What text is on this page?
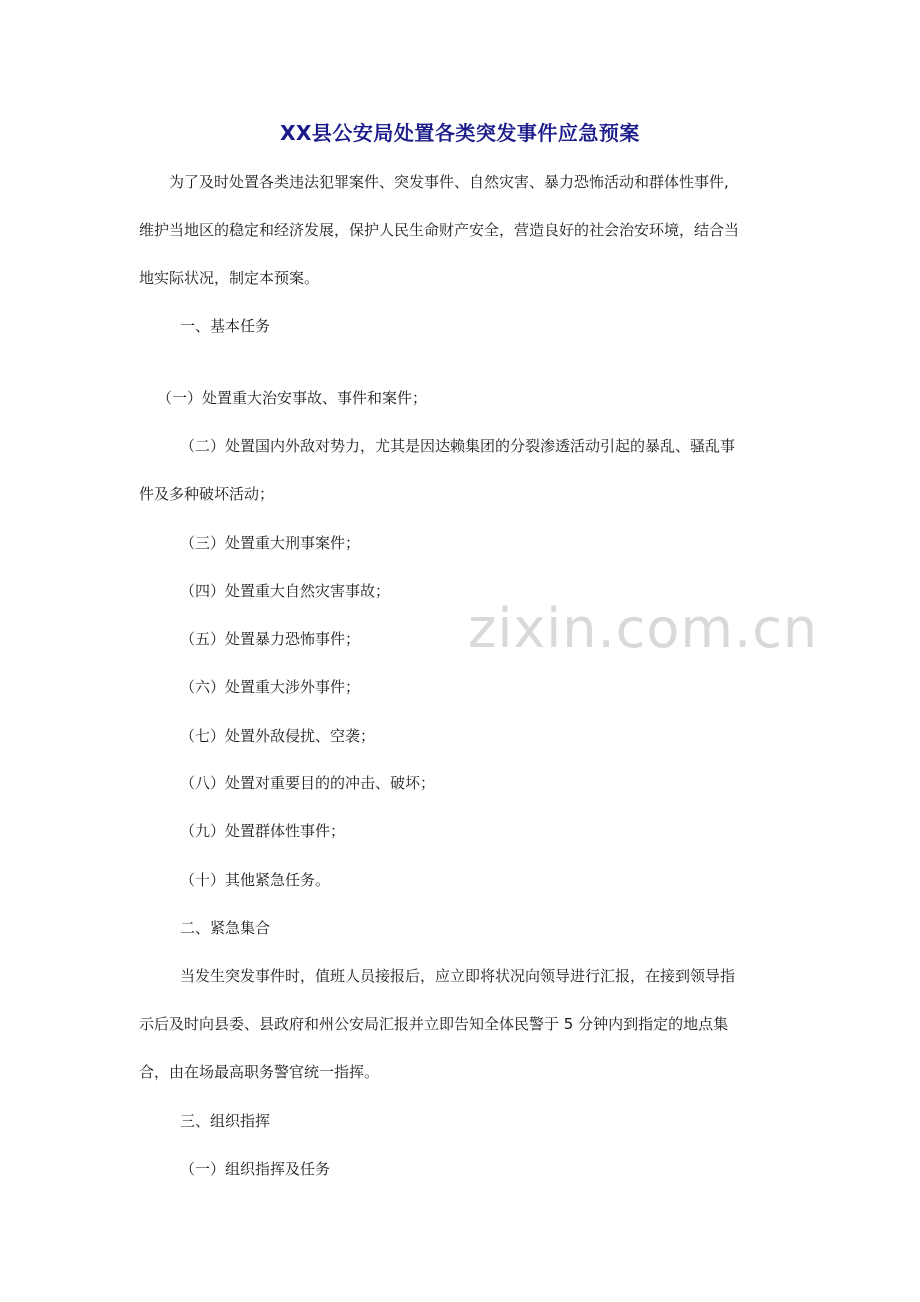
XX县公安局处置各类突发事件应急预案
为了及时处置各类违法犯罪案件、突发事件、自然灾害、暴力恐怖活动和群体性事件,
维护当地区的稳定和经济发展，保护人民生命财产安全，营造良好的社会治安环境，结合当
地实际状况，制定本预案。
一、基本任务
（一）处置重大治安事故、事件和案件；
（二）处置国内外敌对势力，尤其是因达赖集团的分裂渗透活动引起的暴乱、骚乱事
件及多种破坏活动；
（三）处置重大刑事案件；
（四）处置重大自然灾害事故；
（五）处置暴力恐怖事件；
（六）处置重大涉外事件；
（七）处置外敌侵扰、空袭；
（八）处置对重要目的的冲击、破坏；
（九）处置群体性事件；
（十）其他紧急任务。
二、紧急集合
当发生突发事件时，值班人员接报后，应立即将状况向领导进行汇报，在接到领导指
示后及时向县委、县政府和州公安局汇报并立即告知全体民警于 5 分钟内到指定的地点集
合，由在场最高职务警官统一指挥。
三、组织指挥
（一）组织指挥及任务
zixin.com.cn
